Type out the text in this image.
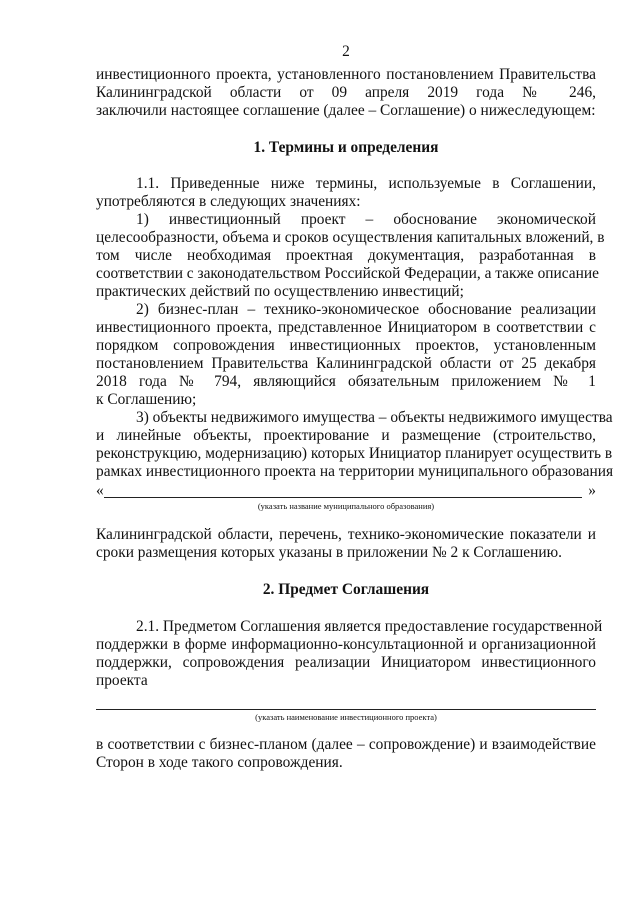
2
инвестиционного проекта, установленного постановлением Правительства
Калининградской области от 09 апреля 2019 года № 246,
заключили настоящее соглашение (далее – Соглашение) о нижеследующем:
1. Термины и определения
1.1. Приведенные ниже термины, используемые в Соглашении,
употребляются в следующих значениях:
1) инвестиционный проект – обоснование экономической
целесообразности, объема и сроков осуществления капитальных вложений, в
том числе необходимая проектная документация, разработанная в
соответствии с законодательством Российской Федерации, а также описание
практических действий по осуществлению инвестиций;
2) бизнес-план – технико-экономическое обоснование реализации
инвестиционного проекта, представленное Инициатором в соответствии с
порядком сопровождения инвестиционных проектов, установленным
постановлением Правительства Калининградской области от 25 декабря
2018 года № 794, являющийся обязательным приложением № 1
к Соглашению;
3) объекты недвижимого имущества – объекты недвижимого имущества
и линейные объекты, проектирование и размещение (строительство,
реконструкцию, модернизацию) которых Инициатор планирует осуществить в
рамках инвестиционного проекта на территории муниципального образования
«	»
(указать название муниципального образования)
Калининградской области, перечень, технико-экономические показатели и
сроки размещения которых указаны в приложении № 2 к Соглашению.
2. Предмет Соглашения
2.1. Предметом Соглашения является предоставление государственной
поддержки в форме информационно-консультационной и организационной
поддержки, сопровождения реализации Инициатором инвестиционного
проекта
(указать наименование инвестиционного проекта)
в соответствии с бизнес-планом (далее – сопровождение) и взаимодействие
Сторон в ходе такого сопровождения.
